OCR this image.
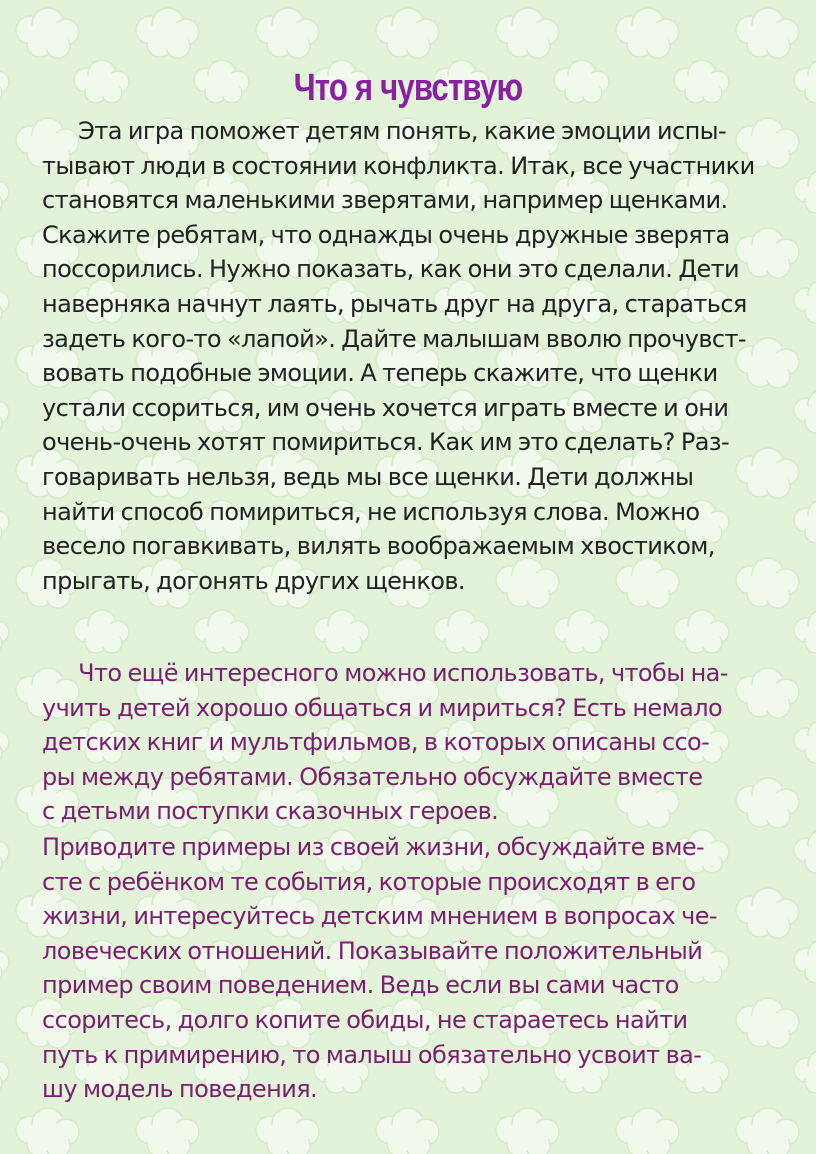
Что я чувствую
Эта игра поможет детям понять, какие эмоции испы-
тывают люди в состоянии конфликта. Итак, все участники
становятся маленькими зверятами, например щенками.
Скажите ребятам, что однажды очень дружные зверята
поссорились. Нужно показать, как они это сделали. Дети
наверняка начнут лаять, рычать друг на друга, стараться
задеть кого-то «лапой». Дайте малышам вволю прочувст-
вовать подобные эмоции. А теперь скажите, что щенки
устали ссориться, им очень хочется играть вместе и они
очень-очень хотят помириться. Как им это сделать? Раз-
говаривать нельзя, ведь мы все щенки. Дети должны
найти способ помириться, не используя слова. Можно
весело погавкивать, вилять воображаемым хвостиком,
прыгать, догонять других щенков.
Что ещё интересного можно использовать, чтобы на-
учить детей хорошо общаться и мириться? Есть немало
детских книг и мультфильмов, в которых описаны ссо-
ры между ребятами. Обязательно обсуждайте вместе
с детьми поступки сказочных героев.
Приводите примеры из своей жизни, обсуждайте вме-
сте с ребёнком те события, которые происходят в его
жизни, интересуйтесь детским мнением в вопросах че-
ловеческих отношений. Показывайте положительный
пример своим поведением. Ведь если вы сами часто
ссоритесь, долго копите обиды, не стараетесь найти
путь к примирению, то малыш обязательно усвоит ва-
шу модель поведения.
